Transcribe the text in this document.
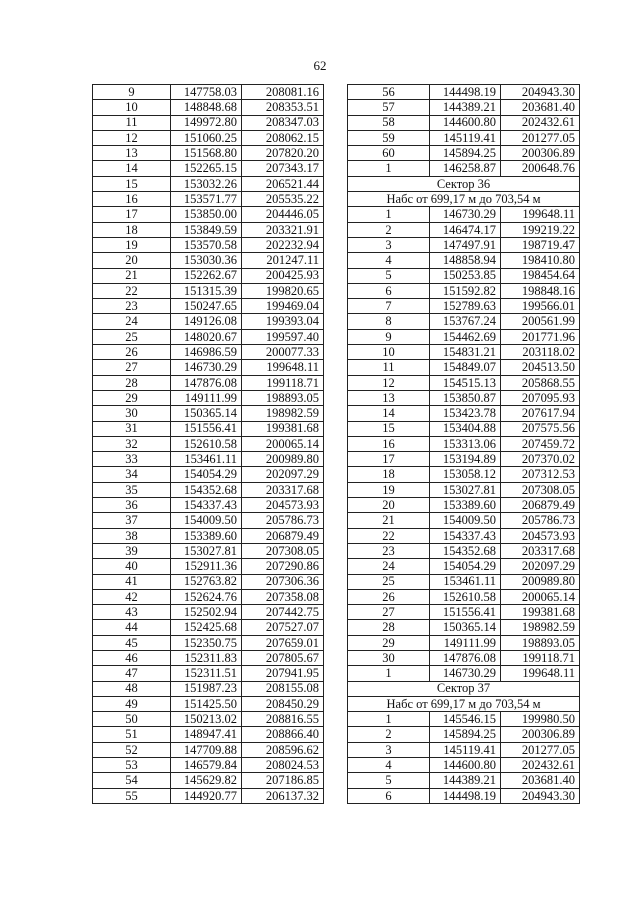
62
9	147758.03	208081.16
10	148848.68	208353.51
11	149972.80	208347.03
12	151060.25	208062.15
13	151568.80	207820.20
14	152265.15	207343.17
15	153032.26	206521.44
16	153571.77	205535.22
17	153850.00	204446.05
18	153849.59	203321.91
19	153570.58	202232.94
20	153030.36	201247.11
21	152262.67	200425.93
22	151315.39	199820.65
23	150247.65	199469.04
24	149126.08	199393.04
25	148020.67	199597.40
26	146986.59	200077.33
27	146730.29	199648.11
28	147876.08	199118.71
29	149111.99	198893.05
30	150365.14	198982.59
31	151556.41	199381.68
32	152610.58	200065.14
33	153461.11	200989.80
34	154054.29	202097.29
35	154352.68	203317.68
36	154337.43	204573.93
37	154009.50	205786.73
38	153389.60	206879.49
39	153027.81	207308.05
40	152911.36	207290.86
41	152763.82	207306.36
42	152624.76	207358.08
43	152502.94	207442.75
44	152425.68	207527.07
45	152350.75	207659.01
46	152311.83	207805.67
47	152311.51	207941.95
48	151987.23	208155.08
49	151425.50	208450.29
50	150213.02	208816.55
51	148947.41	208866.40
52	147709.88	208596.62
53	146579.84	208024.53
54	145629.82	207186.85
55	144920.77	206137.32
56	144498.19	204943.30
57	144389.21	203681.40
58	144600.80	202432.61
59	145119.41	201277.05
60	145894.25	200306.89
1	146258.87	200648.76
Сектор 36		
Набс от 699,17 м до 703,54 м		
1	146730.29	199648.11
2	146474.17	199219.22
3	147497.91	198719.47
4	148858.94	198410.80
5	150253.85	198454.64
6	151592.82	198848.16
7	152789.63	199566.01
8	153767.24	200561.99
9	154462.69	201771.96
10	154831.21	203118.02
11	154849.07	204513.50
12	154515.13	205868.55
13	153850.87	207095.93
14	153423.78	207617.94
15	153404.88	207575.56
16	153313.06	207459.72
17	153194.89	207370.02
18	153058.12	207312.53
19	153027.81	207308.05
20	153389.60	206879.49
21	154009.50	205786.73
22	154337.43	204573.93
23	154352.68	203317.68
24	154054.29	202097.29
25	153461.11	200989.80
26	152610.58	200065.14
27	151556.41	199381.68
28	150365.14	198982.59
29	149111.99	198893.05
30	147876.08	199118.71
1	146730.29	199648.11
Сектор 37		
Набс от 699,17 м до 703,54 м		
1	145546.15	199980.50
2	145894.25	200306.89
3	145119.41	201277.05
4	144600.80	202432.61
5	144389.21	203681.40
6	144498.19	204943.30
